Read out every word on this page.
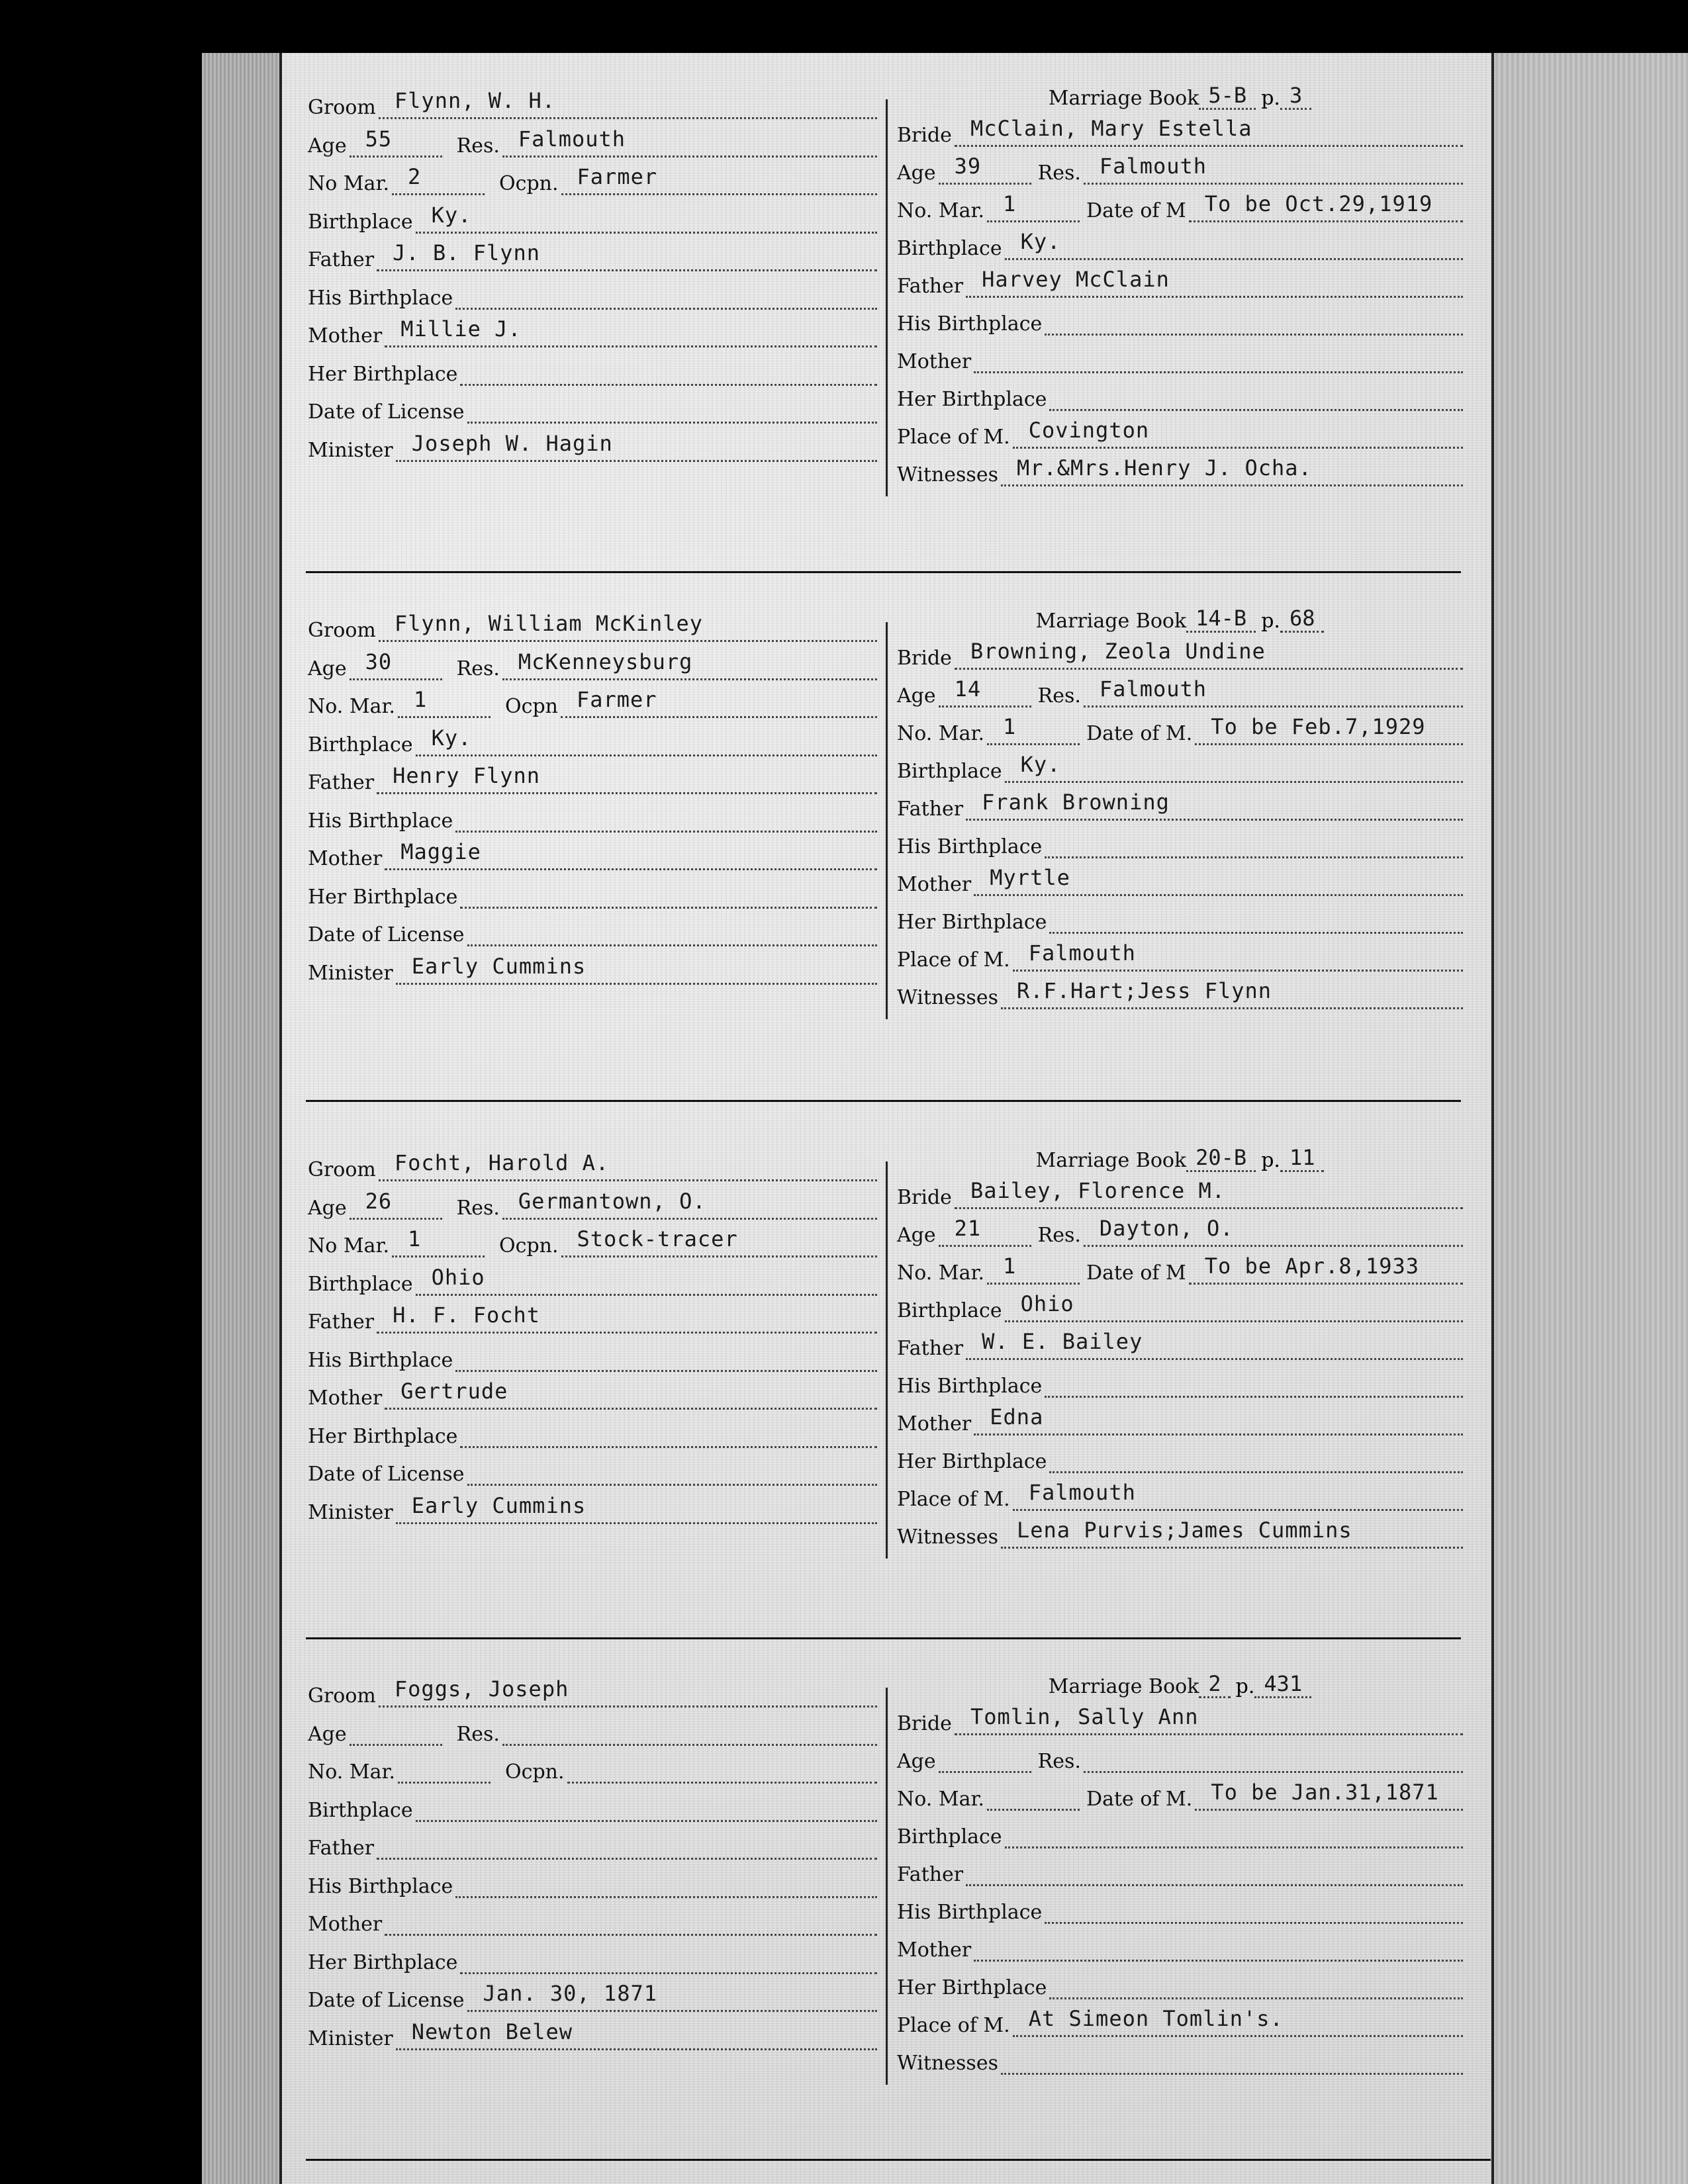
Groom Flynn, W. H.
Age 55	Res. Falmouth
No Mar. 2	Ocpn. Farmer
Birthplace Ky.
Father J. B. Flynn
His Birthplace
Mother Millie J.
Her Birthplace
Date of License
Minister Joseph W. Hagin
Marriage Book 5-B p. 3
Bride McClain, Mary Estella
Age 39	Res. Falmouth
No. Mar. 1	Date of M To be Oct.29,1919
Birthplace Ky.
Father Harvey McClain
His Birthplace
Mother
Her Birthplace
Place of M. Covington
Witnesses Mr.&Mrs.Henry J. Ocha.
Groom Flynn, William McKinley
Age 30	Res. McKenneysburg
No. Mar. 1	Ocpn Farmer
Birthplace Ky.
Father Henry Flynn
His Birthplace
Mother Maggie
Her Birthplace
Date of License
Minister Early Cummins
Marriage Book 14-B p. 68
Bride Browning, Zeola Undine
Age 14	Res. Falmouth
No. Mar. 1	Date of M. To be Feb.7,1929
Birthplace Ky.
Father Frank Browning
His Birthplace
Mother Myrtle
Her Birthplace
Place of M. Falmouth
Witnesses R.F.Hart;Jess Flynn
Groom Focht, Harold A.
Age 26	Res. Germantown, O.
No Mar. 1	Ocpn. Stock-tracer
Birthplace Ohio
Father H. F. Focht
His Birthplace
Mother Gertrude
Her Birthplace
Date of License
Minister Early Cummins
Marriage Book 20-B p. 11
Bride Bailey, Florence M.
Age 21	Res. Dayton, O.
No. Mar. 1	Date of M To be Apr.8,1933
Birthplace Ohio
Father W. E. Bailey
His Birthplace
Mother Edna
Her Birthplace
Place of M. Falmouth
Witnesses Lena Purvis;James Cummins
Groom Foggs, Joseph
Age	Res.
No. Mar.	Ocpn.
Birthplace
Father
His Birthplace
Mother
Her Birthplace
Date of License Jan. 30, 1871
Minister Newton Belew
Marriage Book 2 p. 431
Bride Tomlin, Sally Ann
Age	Res.
No. Mar.	Date of M. To be Jan.31,1871
Birthplace
Father
His Birthplace
Mother
Her Birthplace
Place of M. At Simeon Tomlin's.
Witnesses
